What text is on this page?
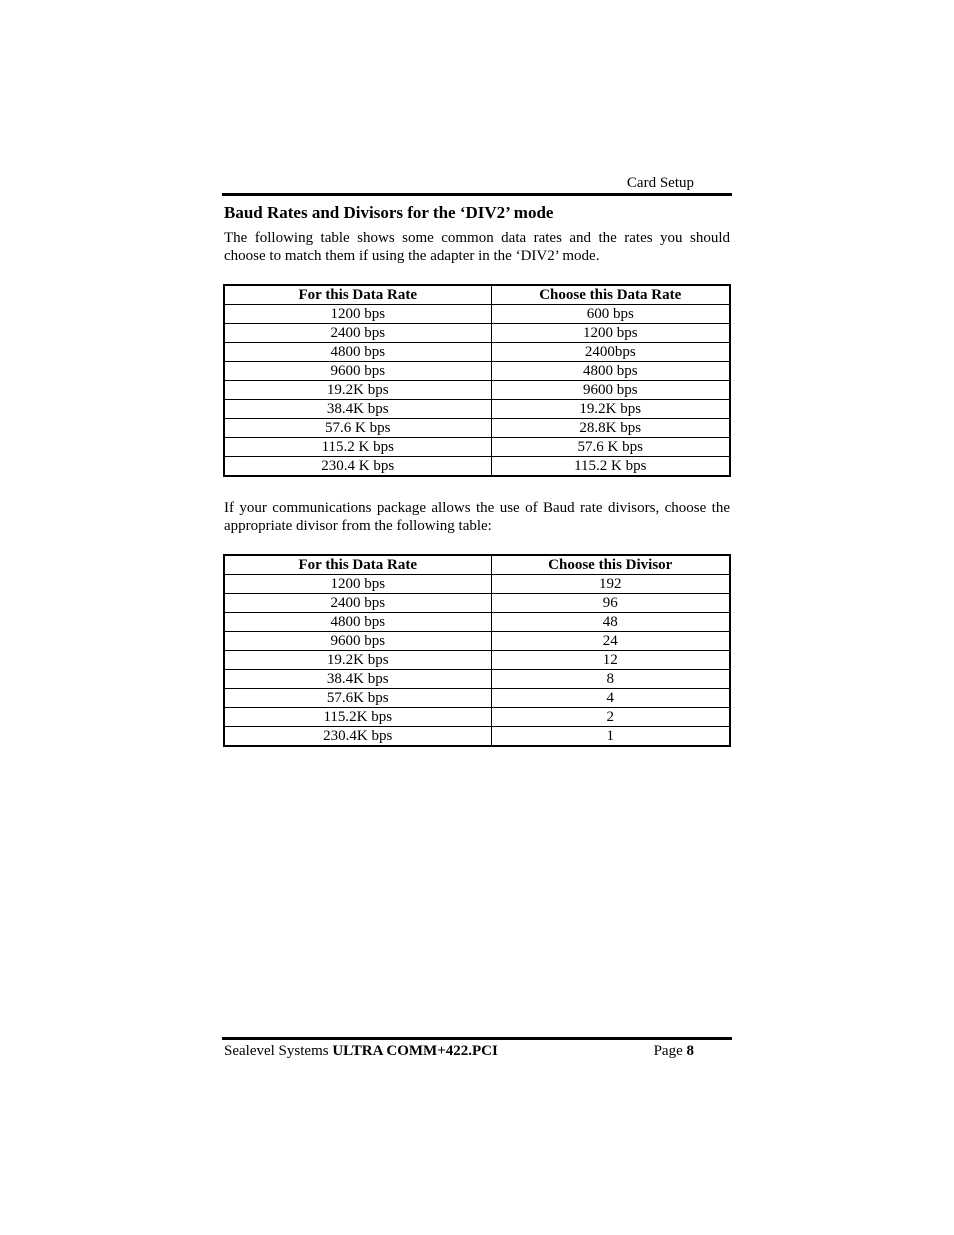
Card Setup
Baud Rates and Divisors for the ‘DIV2’ mode

The following table shows some common data rates and the rates you should choose to match them if using the adapter in the ‘DIV2’ mode.

For this Data Rate	Choose this Data Rate
1200 bps	600 bps
2400 bps	1200 bps
4800 bps	2400bps
9600 bps	4800 bps
19.2K bps	9600 bps
38.4K bps	19.2K bps
57.6 K bps	28.8K bps
115.2 K bps	57.6 K bps
230.4 K bps	115.2 K bps

If your communications package allows the use of Baud rate divisors, choose the appropriate divisor from the following table:

For this Data Rate	Choose this Divisor
1200 bps	192
2400 bps	96
4800 bps	48
9600 bps	24
19.2K bps	12
38.4K bps	8
57.6K bps	4
115.2K bps	2
230.4K bps	1
Sealevel Systems ULTRA COMM+422.PCI	Page 8
